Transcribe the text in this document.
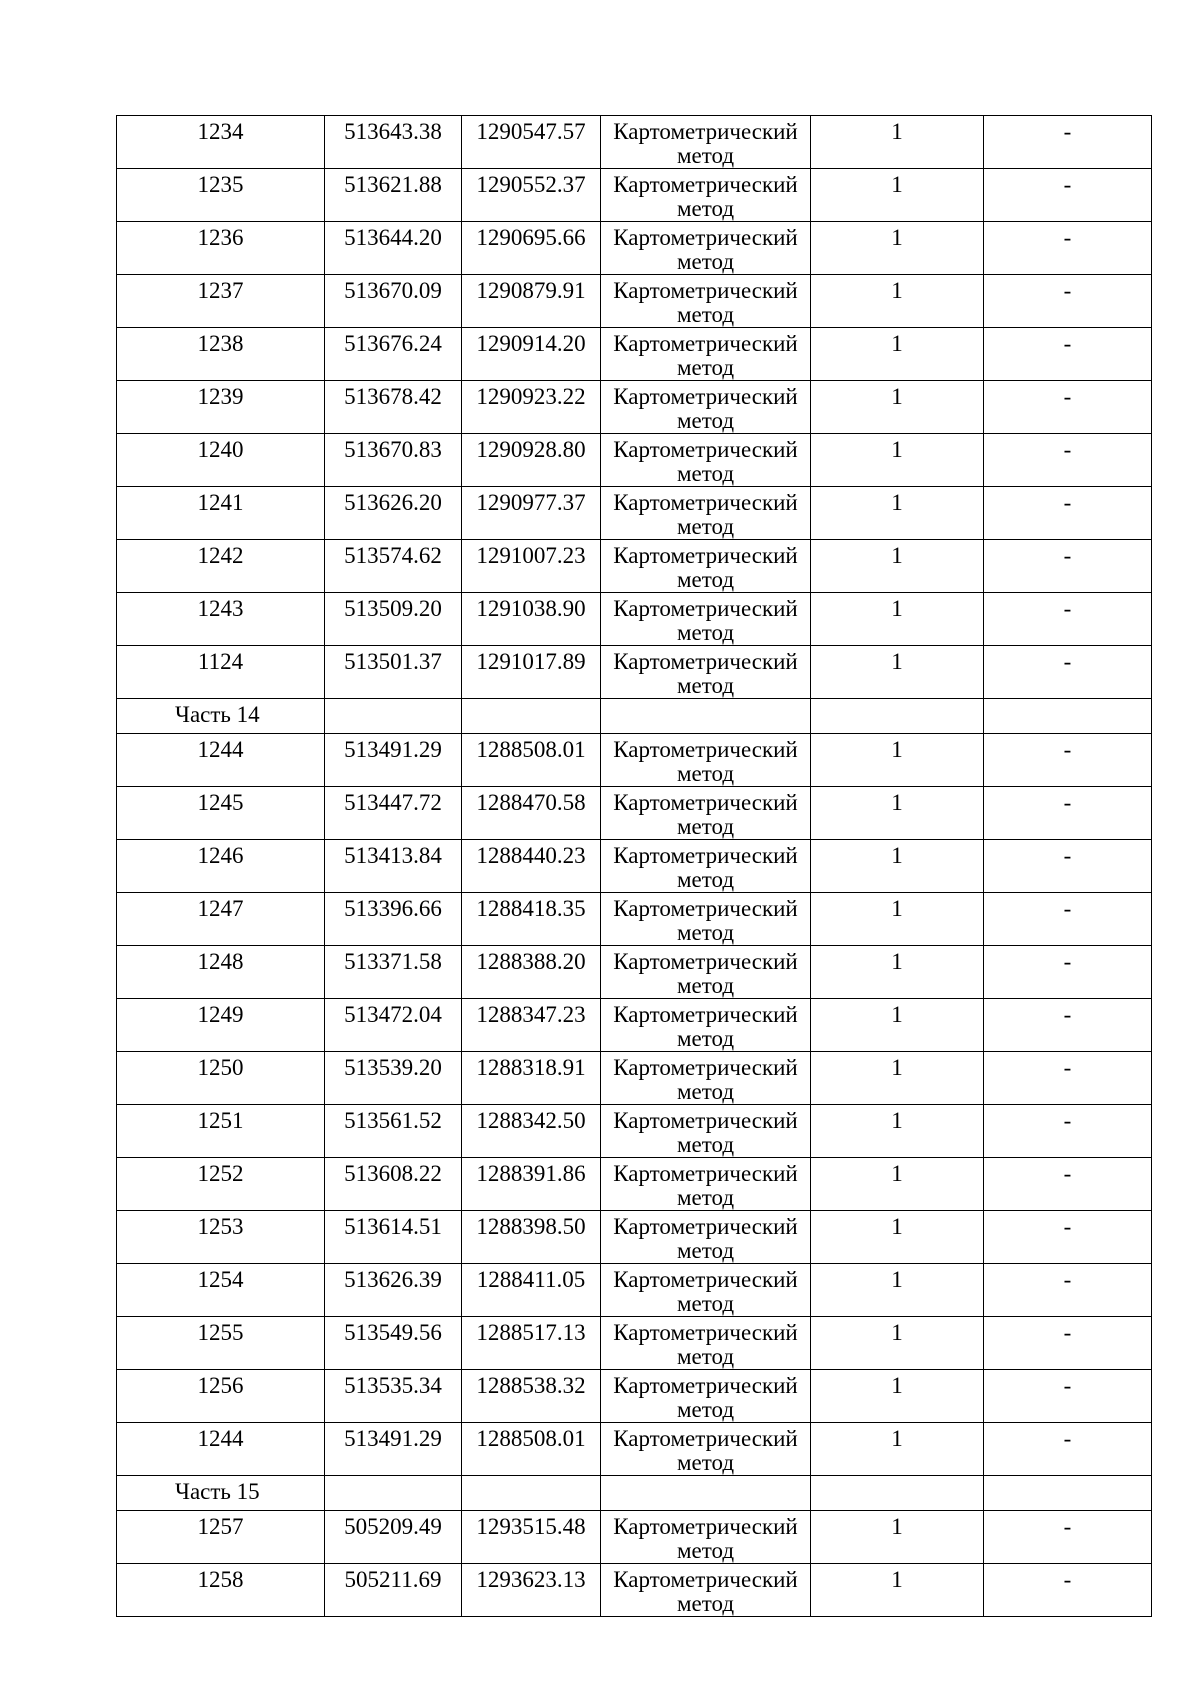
1234	513643.38	1290547.57	Картометрический
метод	1	-
1235	513621.88	1290552.37	Картометрический
метод	1	-
1236	513644.20	1290695.66	Картометрический
метод	1	-
1237	513670.09	1290879.91	Картометрический
метод	1	-
1238	513676.24	1290914.20	Картометрический
метод	1	-
1239	513678.42	1290923.22	Картометрический
метод	1	-
1240	513670.83	1290928.80	Картометрический
метод	1	-
1241	513626.20	1290977.37	Картометрический
метод	1	-
1242	513574.62	1291007.23	Картометрический
метод	1	-
1243	513509.20	1291038.90	Картометрический
метод	1	-
1124	513501.37	1291017.89	Картометрический
метод	1	-
Часть 14					
1244	513491.29	1288508.01	Картометрический
метод	1	-
1245	513447.72	1288470.58	Картометрический
метод	1	-
1246	513413.84	1288440.23	Картометрический
метод	1	-
1247	513396.66	1288418.35	Картометрический
метод	1	-
1248	513371.58	1288388.20	Картометрический
метод	1	-
1249	513472.04	1288347.23	Картометрический
метод	1	-
1250	513539.20	1288318.91	Картометрический
метод	1	-
1251	513561.52	1288342.50	Картометрический
метод	1	-
1252	513608.22	1288391.86	Картометрический
метод	1	-
1253	513614.51	1288398.50	Картометрический
метод	1	-
1254	513626.39	1288411.05	Картометрический
метод	1	-
1255	513549.56	1288517.13	Картометрический
метод	1	-
1256	513535.34	1288538.32	Картометрический
метод	1	-
1244	513491.29	1288508.01	Картометрический
метод	1	-
Часть 15					
1257	505209.49	1293515.48	Картометрический
метод	1	-
1258	505211.69	1293623.13	Картометрический
метод	1	-
